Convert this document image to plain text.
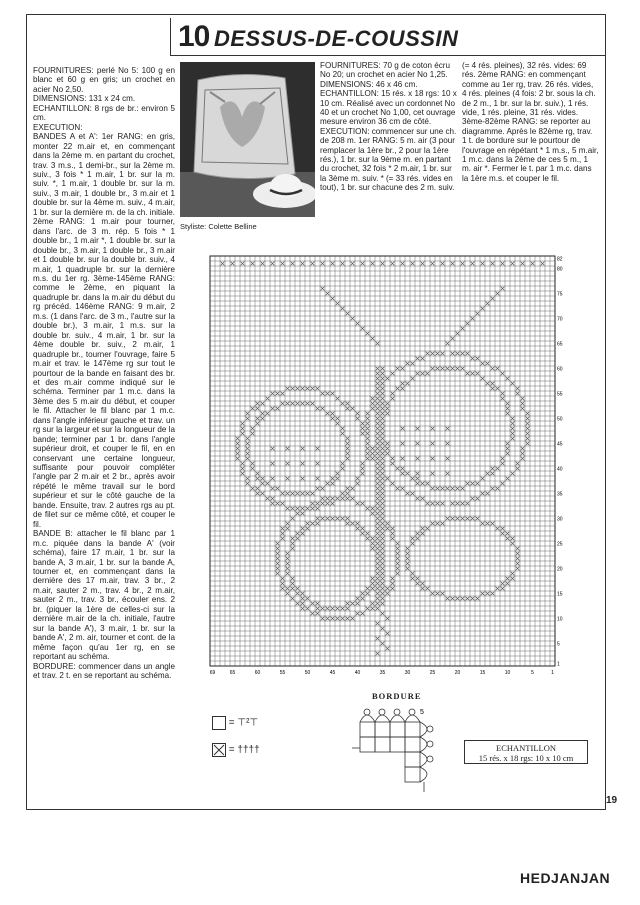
10 DESSUS-DE-COUSSIN

FOURNITURES: perlé No 5: 100 g en blanc et 60 g en gris; un crochet en acier No 2,50.

DIMENSIONS: 131 x 24 cm.

ECHANTILLON: 8 rgs de br.: environ 5 cm.

EXECUTION:

BANDES A et A': 1er RANG: en gris, monter 22 m.air et, en commençant dans la 2ème m. en partant du crochet, trav. 3 m.s., 1 demi-br., sur la 2ème m. suiv., 3 fois * 1 m.air, 1 br. sur la m. suiv. *, 1 m.air, 1 double br. sur la m. suiv., 3 m.air, 1 double br., 3 m.air et 1 double br. sur la 4ème m. suiv., 4 m.air, 1 br. sur la dernière m. de la ch. initiale. 2ème RANG: 1 m.air pour tourner, dans l'arc. de 3 m. rép. 5 fois * 1 double br., 1 m.air *, 1 double br. sur la double br., 3 m.air, 1 double br., 3 m.air et 1 double br. sur la double br. suiv., 4 m.air, 1 quadruple br. sur la dernière m.s. du 1er rg. 3ème-145ème RANG: comme le 2ème, en piquant la quadruple br. dans la m.air du début du rg précéd. 146ème RANG: 9 m.air, 2 m.s. (1 dans l'arc. de 3 m., l'autre sur la double br.), 3 m.air, 1 m.s. sur la double br. suiv., 4 m.air, 1 br. sur la 4ème double br. suiv., 2 m.air, 1 quadruple br., tourner l'ouvrage, faire 5 m.air et trav. le 147ème rg sur tout le pourtour de la bande en faisant des br. et des m.air comme indiqué sur le schéma. Terminer par 1 m.c. dans la 3ème des 5 m.air du début, et couper le fil. Attacher le fil blanc par 1 m.c. dans l'angle inférieur gauche et trav. un rg sur la largeur et sur la longueur de la bande; terminer par 1 br. dans l'angle supérieur droit, et couper le fil, en en conservant une certaine longueur, suffisante pour pouvoir compléter l'angle par 2 m.air et 2 br., après avoir répété le même travail sur le bord supérieur et sur le côté gauche de la bande. Ensuite, trav. 2 autres rgs au pt. de filet sur ce même côté, et couper le fil.

BANDE B: attacher le fil blanc par 1 m.c. piquée dans la bande A' (voir schéma), faire 17 m.air, 1 br. sur la bande A, 3 m.air, 1 br. sur la bande A, tourner et, en commençant dans la dernière des 17 m.air, trav. 3 br., 2 m.air, sauter 2 m., trav. 4 br., 2 m.air, sauter 2 m., trav. 3 br., écouler ens. 2 br. (piquer la 1ère de celles-ci sur la dernière m.air de la ch. initiale, l'autre sur la bande A'), 3 m.air, 1 br. sur la bande A', 2 m. air, tourner et cont. de la même façon qu'au 1er rg, en se reportant au schéma.

BORDURE: commencer dans un angle et trav. 2 t. en se reportant au schéma.

Styliste: Colette Belline

FOURNITURES: 70 g de coton écru No 20; un crochet en acier No 1,25.

DIMENSIONS: 46 x 46 cm.

ECHANTILLON: 15 rés. x 18 rgs: 10 x 10 cm. Réalisé avec un cordonnet No 40 et un crochet No 1,00, cet ouvrage mesure environ 36 cm de côté.

EXECUTION: commencer sur une ch. de 208 m. 1er RANG: 5 m. air (3 pour remplacer la 1ère br., 2 pour la 1ère rés.), 1 br. sur la 9ème m. en partant du crochet, 32 fois * 2 m.air, 1 br. sur la 3ème m. suiv. * (= 33 rés. vides en tout), 1 br. sur chacune des 2 m. suiv.

(= 4 rés. pleines), 32 rés. vides: 69 rés. 2ème RANG: en commençant comme au 1er rg, trav. 26 rés. vides, 4 rés. pleines (4 fois: 2 br. sous la ch. de 2 m., 1 br. sur la br. suiv.), 1 rés. vide, 1 rés. pleine, 31 rés. vides. 3ème-82ème RANG: se reporter au diagramme. Après le 82ème rg, trav. 1 t. de bordure sur le pourtour de l'ouvrage en répétant * 1 m.s., 5 m.air, 1 m.c. dans la 2ème de ces 5 m., 1 m. air *. Fermer le t. par 1 m.c. dans la 1ère m.s. et couper le fil.

69	65	60	55	50	45	40	35	30	25	20	15	10	5	1
82
80
75
70
65
60
55
50
45
40
35
30
25
20
15
10
5
1
= ⊤²⊤
= ††††
BORDURE
5
ECHANTILLON
15 rés. x 18 rgs: 10 x 10 cm
19
HEDJANJAN
